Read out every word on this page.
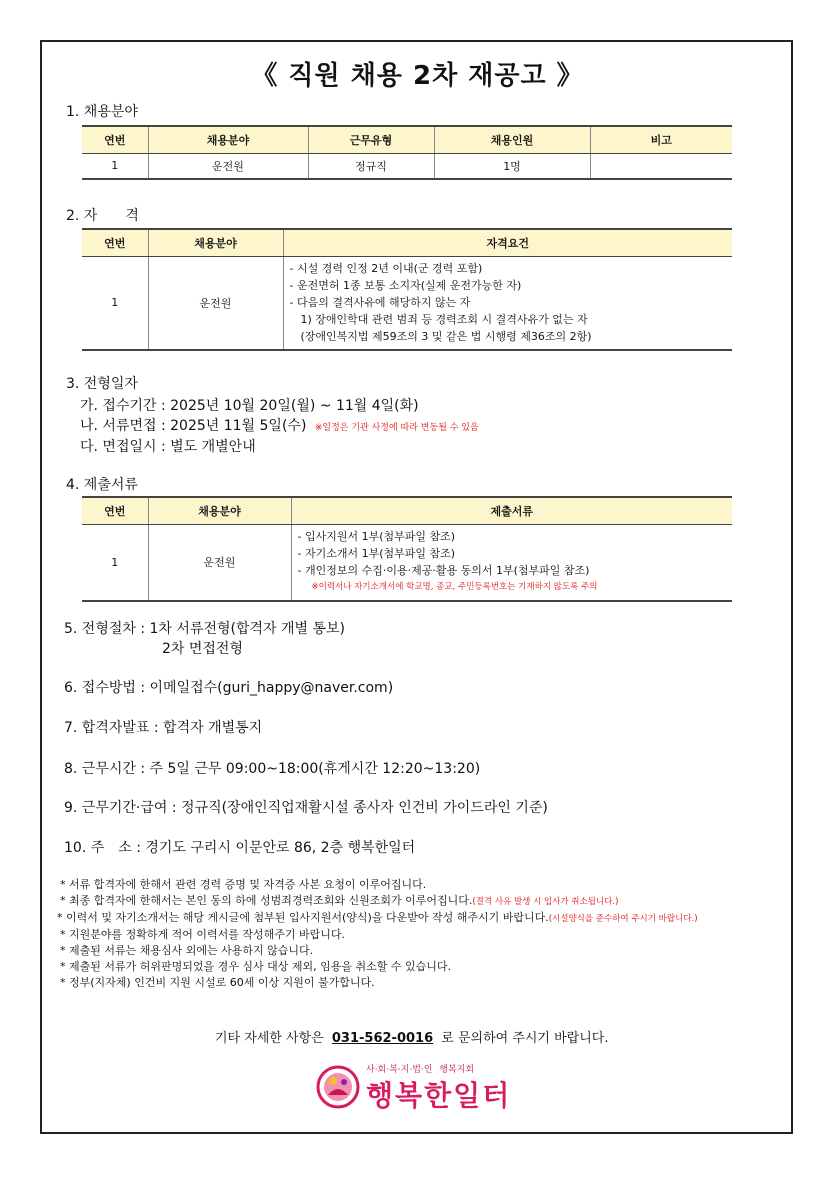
《 직원 채용 2차 재공고 》
1. 채용분야
연번	채용분야	근무유형	채용인원	비고
1	운전원	정규직	1명	
2. 자　　격
연번	채용분야	자격요건
1	운전원	- 시설 경력 인정 2년 이내(군 경력 포함)
- 운전면허 1종 보통 소지자(실제 운전가능한 자)
- 다음의 결격사유에 해당하지 않는 자
　1) 장애인학대 관련 범죄 등 경력조회 시 결격사유가 없는 자
　(장애인복지법 제59조의 3 및 같은 법 시행령 제36조의 2항)
3. 전형일자
가. 접수기간 : 2025년 10월 20일(월) ~ 11월 4일(화)
나. 서류면접 : 2025년 11월 5일(수) ※일정은 기관 사정에 따라 변동될 수 있음
다. 면접일시 : 별도 개별안내
4. 제출서류
연번	채용분야	제출서류
1	운전원	- 입사지원서 1부(첨부파일 참조)
- 자기소개서 1부(첨부파일 참조)
- 개인정보의 수집·이용·제공·활용 동의서 1부(첨부파일 참조)
※이력서나 자기소개서에 학교명, 종교, 주민등록번호는 기재하지 않도록 주의
5. 전형절차 : 1차 서류전형(합격자 개별 통보)
2차 면접전형
6. 접수방법 : 이메일접수(guri_happy@naver.com)
7. 합격자발표 : 합격자 개별통지
8. 근무시간 : 주 5일 근무 09:00~18:00(휴게시간 12:20~13:20)
9. 근무기간·급여 : 정규직(장애인직업재활시설 종사자 인건비 가이드라인 기준)
10. 주　소 : 경기도 구리시 이문안로 86, 2층 행복한일터
* 서류 합격자에 한해서 관련 경력 증명 및 자격증 사본 요청이 이루어집니다.
* 최종 합격자에 한해서는 본인 동의 하에 성범죄경력조회와 신원조회가 이루어집니다.(결격 사유 발생 시 입사가 취소됩니다.)
* 이력서 및 자기소개서는 해당 게시글에 첨부된 입사지원서(양식)을 다운받아 작성 해주시기 바랍니다.(시설양식을 준수하여 주시기 바랍니다.)
* 지원분야를 정확하게 적어 이력서를 작성해주기 바랍니다.
* 제출된 서류는 채용심사 외에는 사용하지 않습니다.
* 제출된 서류가 허위판명되었을 경우 심사 대상 제외, 임용을 취소할 수 있습니다.
* 정부(지자체) 인건비 지원 시설로 60세 이상 지원이 불가합니다.
기타 자세한 사항은 031-562-0016 로 문의하여 주시기 바랍니다.
사·회·복·지·법·인 행복지회
행복한일터
